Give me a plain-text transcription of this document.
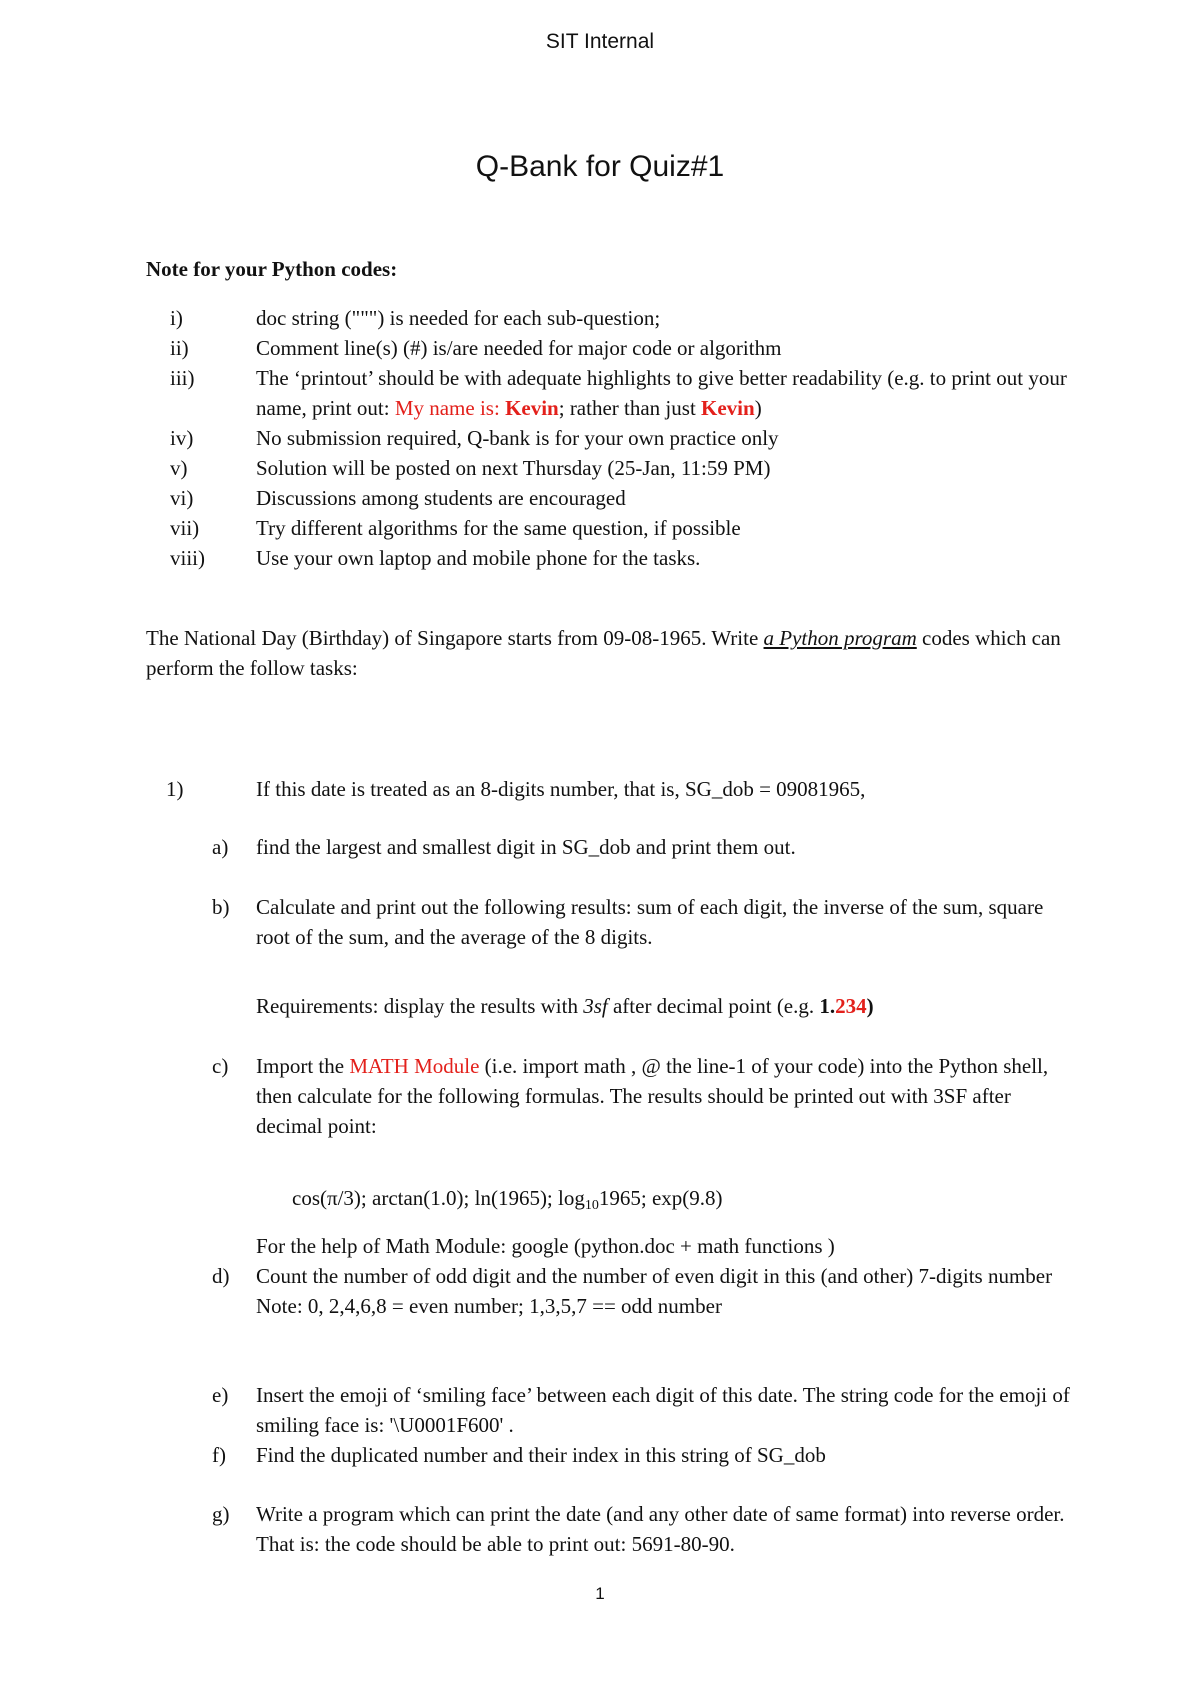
SIT Internal
Q-Bank for Quiz#1
Note for your Python codes:
i)	doc string (""") is needed for each sub-question;
ii)	Comment line(s) (#) is/are needed for major code or algorithm
iii)	The ‘printout’ should be with adequate highlights to give better readability (e.g. to print out your name, print out: My name is: Kevin; rather than just Kevin)
iv)	No submission required, Q-bank is for your own practice only
v)	Solution will be posted on next Thursday (25-Jan, 11:59 PM)
vi)	Discussions among students are encouraged
vii)	Try different algorithms for the same question, if possible
viii)	Use your own laptop and mobile phone for the tasks.
The National Day (Birthday) of Singapore starts from 09-08-1965. Write a Python program codes which can perform the follow tasks:
1)	If this date is treated as an 8-digits number, that is, SG_dob = 09081965,
a)	find the largest and smallest digit in SG_dob and print them out.
b)	Calculate and print out the following results: sum of each digit, the inverse of the sum, square root of the sum, and the average of the 8 digits.
Requirements: display the results with 3sf after decimal point (e.g. 1.234)
c)	Import the MATH Module (i.e. import math , @ the line-1 of your code) into the Python shell, then calculate for the following formulas. The results should be printed out with 3SF after decimal point:
cos(π/3); arctan(1.0); ln(1965); $\log_{10}1965$; exp(9.8)
For the help of Math Module: google (python.doc + math functions )
d)	Count the number of odd digit and the number of even digit in this (and other) 7-digits number
Note: 0, 2,4,6,8 = even number; 1,3,5,7 == odd number
e)	Insert the emoji of ‘smiling face’ between each digit of this date. The string code for the emoji of smiling face is: '\U0001F600' .
f)	Find the duplicated number and their index in this string of SG_dob
g)	Write a program which can print the date (and any other date of same format) into reverse order. That is: the code should be able to print out: 5691-80-90.
1
